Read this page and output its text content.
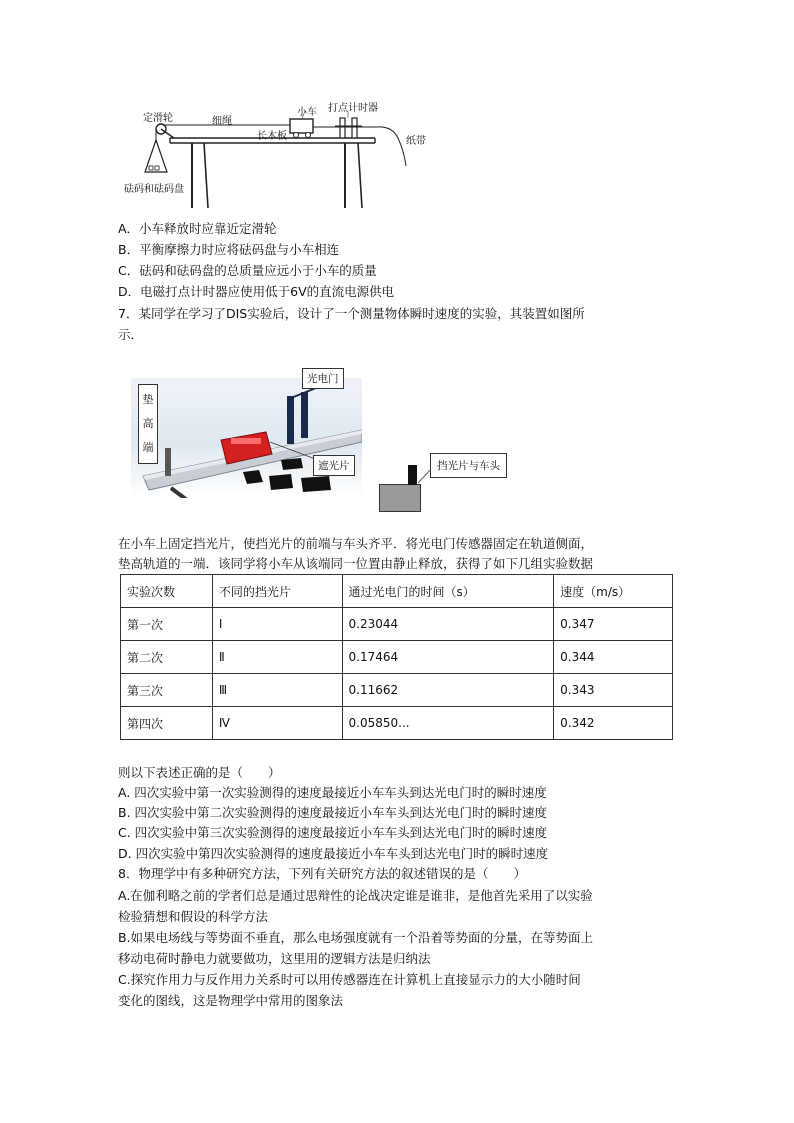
定滑轮	细绳
小车 打点计时器
长木板	纸带
砝码和砝码盘
A．小车释放时应靠近定滑轮
B．平衡摩擦力时应将砝码盘与小车相连
C．砝码和砝码盘的总质量应远小于小车的质量
D．电磁打点计时器应使用低于6V的直流电源供电
7．某同学在学习了DIS实验后，设计了一个测量物体瞬时速度的实验，其装置如图所
示．
垫高端
光电门
遮光片	挡光片与车头
在小车上固定挡光片，使挡光片的前端与车头齐平．将光电门传感器固定在轨道侧面，
垫高轨道的一端．该同学将小车从该端同一位置由静止释放，获得了如下几组实验数据
实验次数	不同的挡光片	通过光电门的时间（s）	速度（m/s）
第一次	Ⅰ	0.23044	0.347
第二次	Ⅱ	0.17464	0.344
第三次	Ⅲ	0.11662	0.343
第四次	Ⅳ	0.05850...	0.342
则以下表述正确的是（　　）
A. 四次实验中第一次实验测得的速度最接近小车车头到达光电门时的瞬时速度
B. 四次实验中第二次实验测得的速度最接近小车车头到达光电门时的瞬时速度
C. 四次实验中第三次实验测得的速度最接近小车车头到达光电门时的瞬时速度
D. 四次实验中第四次实验测得的速度最接近小车车头到达光电门时的瞬时速度
8．物理学中有多种研究方法，下列有关研究方法的叙述错误的是（　　）
A.在伽利略之前的学者们总是通过思辩性的论战决定谁是谁非，是他首先采用了以实验
检验猜想和假设的科学方法
B.如果电场线与等势面不垂直，那么电场强度就有一个沿着等势面的分量，在等势面上
移动电荷时静电力就要做功，这里用的逻辑方法是归纳法
C.探究作用力与反作用力关系时可以用传感器连在计算机上直接显示力的大小随时间
变化的图线，这是物理学中常用的图象法
